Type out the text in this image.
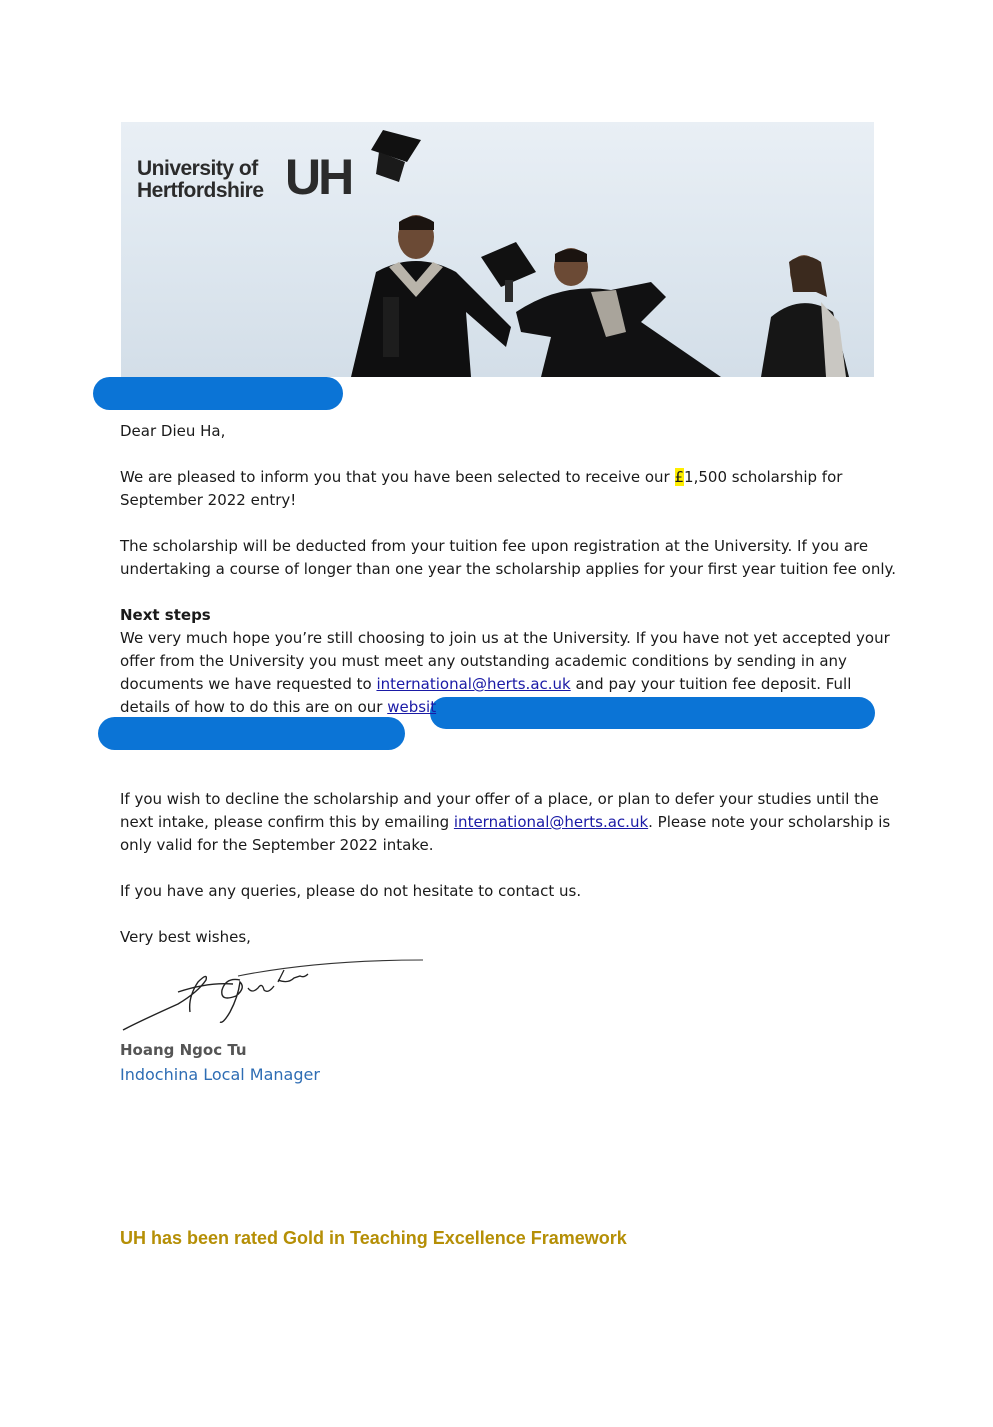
University of
Hertfordshire UH

Dear Dieu Ha,

We are pleased to inform you that you have been selected to receive our £1,500 scholarship for September 2022 entry!

The scholarship will be deducted from your tuition fee upon registration at the University. If you are undertaking a course of longer than one year the scholarship applies for your first year tuition fee only.

Next steps
We very much hope you’re still choosing to join us at the University. If you have not yet accepted your offer from the University you must meet any outstanding academic conditions by sending in any documents we have requested to international@herts.ac.uk and pay your tuition fee deposit. Full details of how to do this are on our websit

If you wish to decline the scholarship and your offer of a place, or plan to defer your studies until the next intake, please confirm this by emailing international@herts.ac.uk. Please note your scholarship is only valid for the September 2022 intake.

If you have any queries, please do not hesitate to contact us.

Very best wishes,

Hoang Ngoc Tu
Indochina Local Manager
UH has been rated Gold in Teaching Excellence Framework
